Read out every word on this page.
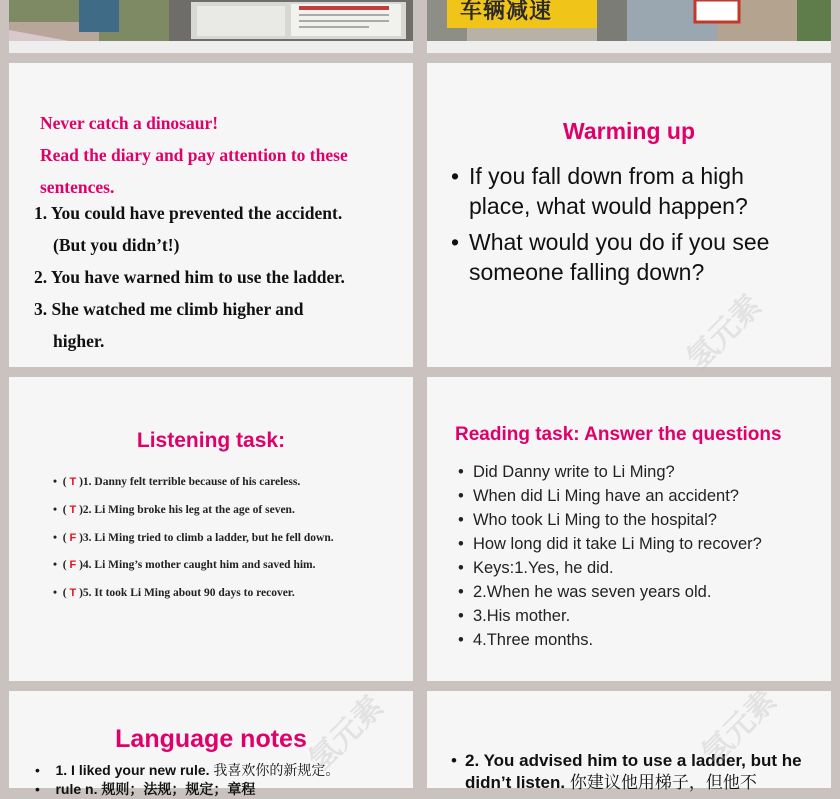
车辆减速
Never catch a dinosaur!
Read the diary and pay attention to these
sentences.
1. You could have prevented the accident.
(But you didn’t!)
2. You have warned him to use the ladder.
3. She watched me climb higher and
higher.
Warming up
• If you fall down from a high
place, what would happen?
• What would you do if you see
someone falling down?
氢元素
Listening task:
•  ( T )1. Danny felt terrible because of his careless.
•  ( T )2. Li Ming broke his leg at the age of seven.
•  ( F )3. Li Ming tried to climb a ladder, but he fell down.
•  ( F )4. Li Ming’s mother caught him and saved him.
•  ( T )5. It took Li Ming about 90 days to recover.
Reading task: Answer the questions
•  Did Danny write to Li Ming?
•  When did Li Ming have an accident?
•  Who took Li Ming to the hospital?
•  How long did it take Li Ming to recover?
•  Keys:1.Yes, he did.
•  2.When he was seven years old.
•  3.His mother.
•  4.Three months.
Language notes
•    1. I liked your new rule. 我喜欢你的新规定。
•    rule n. 规则；法规；规定；章程
氢元素	• 2. You advised him to use a ladder, but he didn’t listen. 你建议他用梯子，但他不
氢元素
